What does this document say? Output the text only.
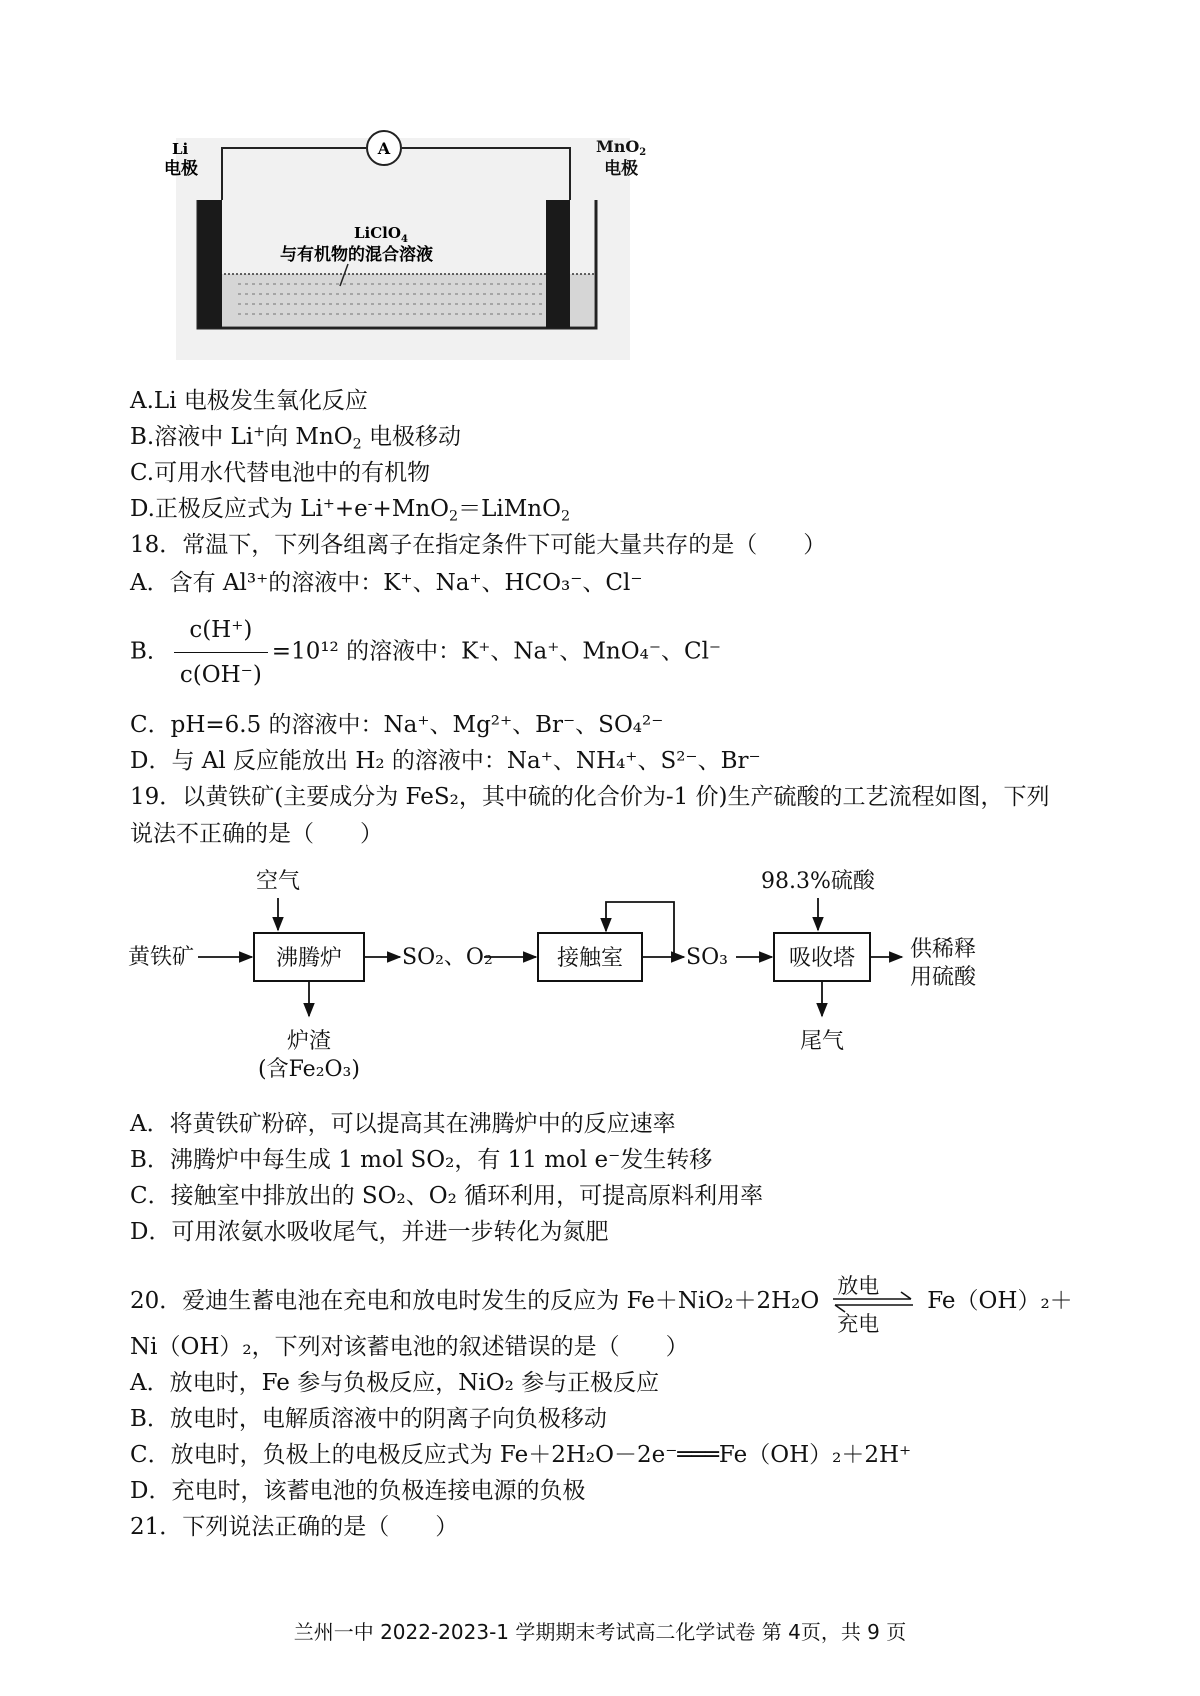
A
Li
电极
LiClO$_4$
与有机物的混合溶液
MnO$_2$
电极
A.Li 电极发生氧化反应
B.溶液中 Li+向 MnO$_2$ 电极移动
C.可用水代替电池中的有机物
D.正极反应式为 Li++e-+MnO$_2$＝LiMnO$_2$
18．常温下，下列各组离子在指定条件下可能大量共存的是（　　）
A．含有 Al³⁺的溶液中：K⁺、Na⁺、HCO₃⁻、Cl⁻
B． $\frac{c(H^+)}{c(OH^-)} =10^{12}$ 的溶液中：K⁺、Na⁺、MnO₄⁻、Cl⁻
C．pH=6.5 的溶液中：Na⁺、Mg²⁺、Br⁻、SO₄²⁻
D．与 Al 反应能放出 H₂ 的溶液中：Na⁺、NH₄⁺、S²⁻、Br⁻
19．以黄铁矿(主要成分为 FeS₂，其中硫的化合价为-1 价)生产硫酸的工艺流程如图，下列
说法不正确的是（　　）
空气
黄铁矿	沸腾炉	SO₂、O₂
炉渣
(含Fe₂O₃)
接触室	SO₃
98.3%硫酸
吸收塔
尾气
供稀释
用硫酸
A．将黄铁矿粉碎，可以提高其在沸腾炉中的反应速率
B．沸腾炉中每生成 1 mol SO₂，有 11 mol e⁻发生转移
C．接触室中排放出的 SO₂、O₂ 循环利用，可提高原料利用率
D．可用浓氨水吸收尾气，并进一步转化为氮肥
20．爱迪生蓄电池在充电和放电时发生的反应为 Fe＋NiO₂＋2H₂O
放电
充电
Fe（OH）₂＋
Ni（OH）₂，下列对该蓄电池的叙述错误的是（　　）
A．放电时，Fe 参与负极反应，NiO₂ 参与正极反应
B．放电时，电解质溶液中的阴离子向负极移动
C．放电时，负极上的电极反应式为 Fe＋2H₂O－2e⁻═══Fe（OH）₂＋2H⁺
D．充电时，该蓄电池的负极连接电源的负极
21．下列说法正确的是（　　）
兰州一中 2022-2023-1 学期期末考试高二化学试卷 第 4页，共 9 页
